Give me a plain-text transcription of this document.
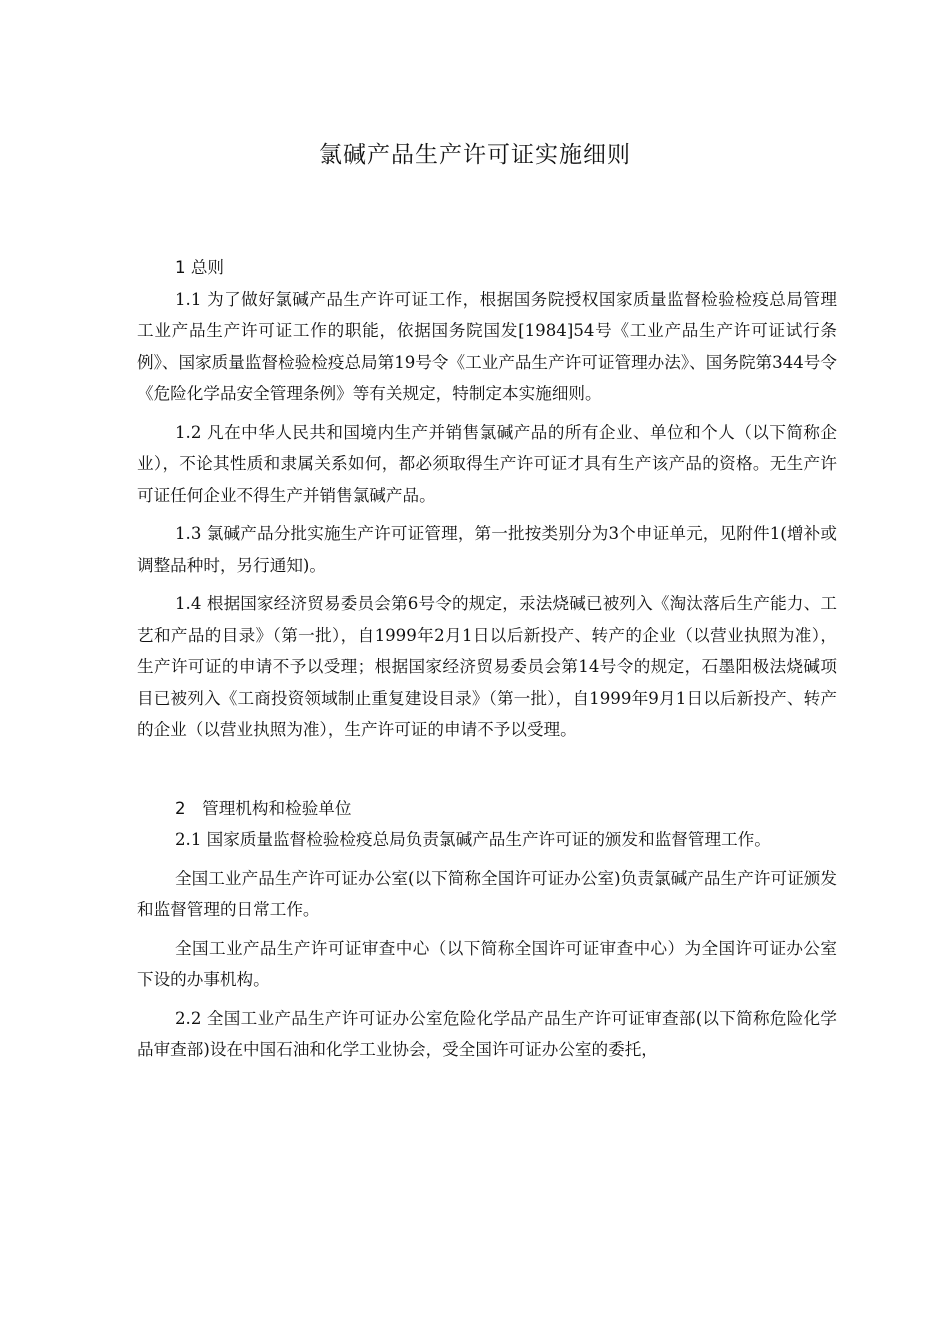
氯碱产品生产许可证实施细则
1 总则

1.1 为了做好氯碱产品生产许可证工作，根据国务院授权国家质量监督检验检疫总局管理工业产品生产许可证工作的职能，依据国务院国发[1984]54号《工业产品生产许可证试行条例》、国家质量监督检验检疫总局第19号令《工业产品生产许可证管理办法》、国务院第344号令《危险化学品安全管理条例》等有关规定，特制定本实施细则。

1.2 凡在中华人民共和国境内生产并销售氯碱产品的所有企业、单位和个人（以下简称企业），不论其性质和隶属关系如何，都必须取得生产许可证才具有生产该产品的资格。无生产许可证任何企业不得生产并销售氯碱产品。

1.3 氯碱产品分批实施生产许可证管理，第一批按类别分为3个申证单元，见附件1(增补或调整品种时，另行通知)。

1.4 根据国家经济贸易委员会第6号令的规定，汞法烧碱已被列入《淘汰落后生产能力、工艺和产品的目录》（第一批），自1999年2月1日以后新投产、转产的企业（以营业执照为准），生产许可证的申请不予以受理；根据国家经济贸易委员会第14号令的规定，石墨阳极法烧碱项目已被列入《工商投资领域制止重复建设目录》（第一批），自1999年9月1日以后新投产、转产的企业（以营业执照为准），生产许可证的申请不予以受理。

2　管理机构和检验单位

2.1 国家质量监督检验检疫总局负责氯碱产品生产许可证的颁发和监督管理工作。

全国工业产品生产许可证办公室(以下简称全国许可证办公室)负责氯碱产品生产许可证颁发和监督管理的日常工作。

全国工业产品生产许可证审查中心（以下简称全国许可证审查中心）为全国许可证办公室下设的办事机构。

2.2 全国工业产品生产许可证办公室危险化学品产品生产许可证审查部(以下简称危险化学品审查部)设在中国石油和化学工业协会，受全国许可证办公室的委托，
